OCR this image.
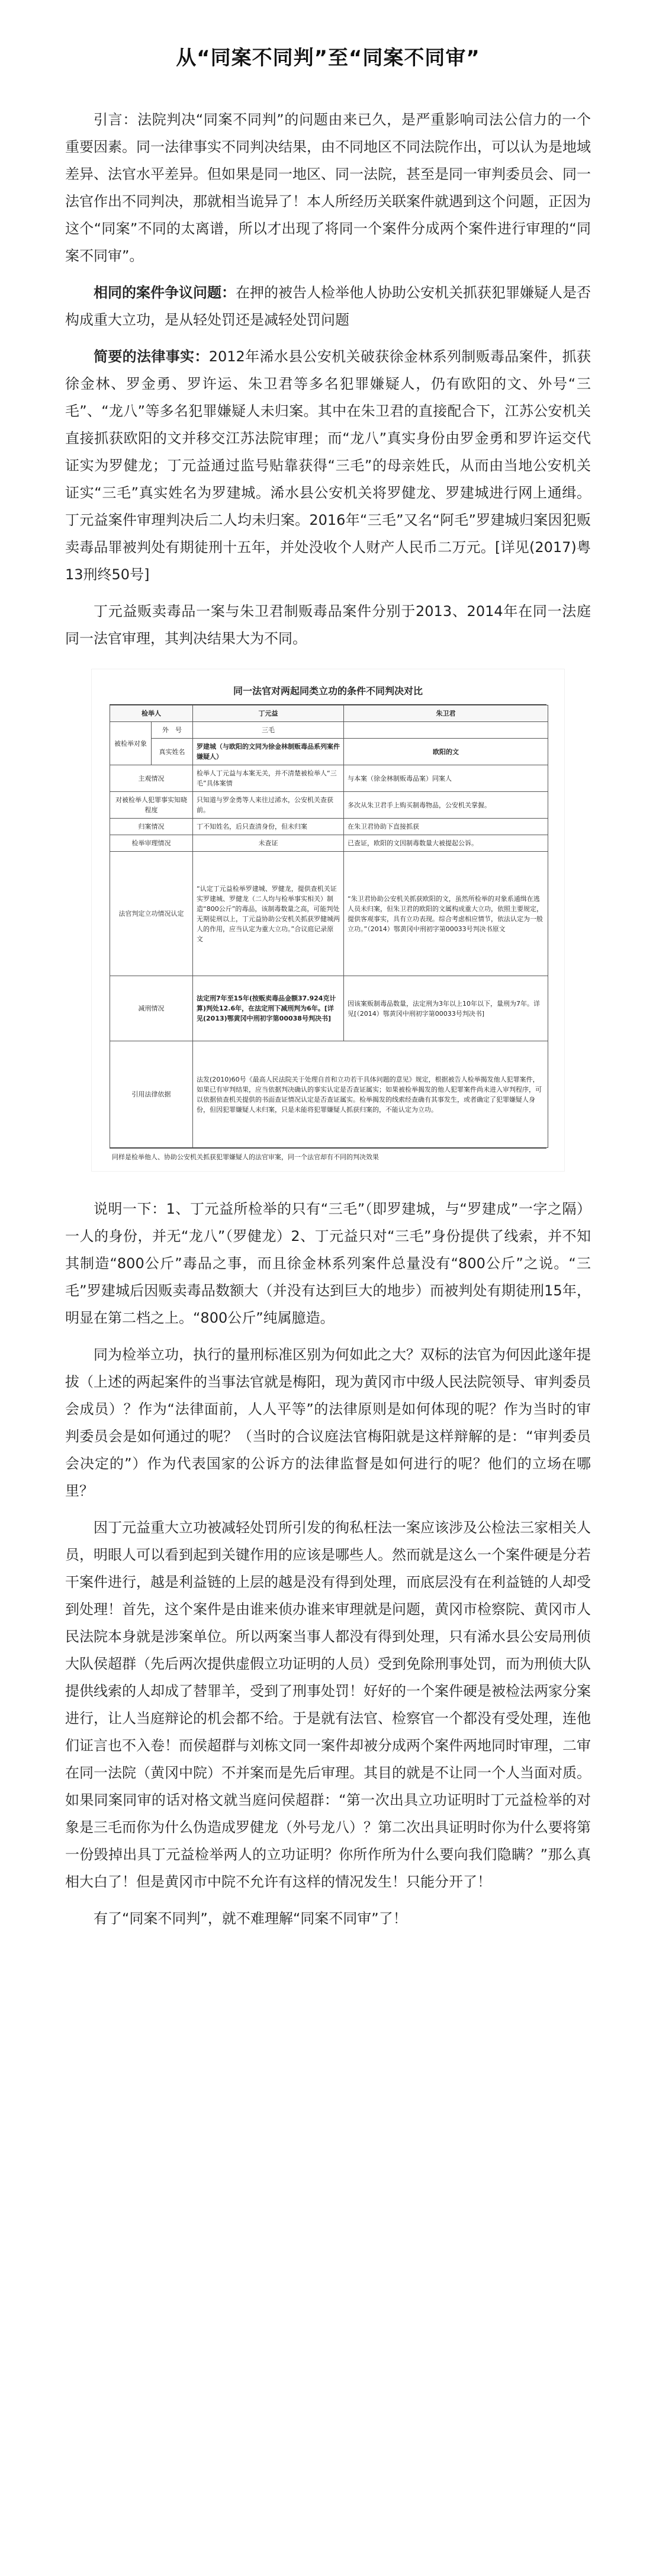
从“同案不同判”至“同案不同审”

引言：法院判决“同案不同判”的问题由来已久，是严重影响司法公信力的一个重要因素。同一法律事实不同判决结果，由不同地区不同法院作出，可以认为是地域差异、法官水平差异。但如果是同一地区、同一法院，甚至是同一审判委员会、同一法官作出不同判决，那就相当诡异了！本人所经历关联案件就遇到这个问题，正因为这个“同案”不同的太离谱，所以才出现了将同一个案件分成两个案件进行审理的“同案不同审”。

相同的案件争议问题：在押的被告人检举他人协助公安机关抓获犯罪嫌疑人是否构成重大立功，是从轻处罚还是减轻处罚问题

简要的法律事实：2012年浠水县公安机关破获徐金林系列制贩毒品案件，抓获徐金林、罗金勇、罗许运、朱卫君等多名犯罪嫌疑人，仍有欧阳的文、外号“三毛”、“龙八”等多名犯罪嫌疑人未归案。其中在朱卫君的直接配合下，江苏公安机关直接抓获欧阳的文并移交江苏法院审理；而“龙八”真实身份由罗金勇和罗许运交代证实为罗健龙；丁元益通过监号贴靠获得“三毛”的母亲姓氏，从而由当地公安机关证实“三毛”真实姓名为罗建城。浠水县公安机关将罗健龙、罗建城进行网上通缉。丁元益案件审理判决后二人均未归案。2016年“三毛”又名“阿毛”罗建城归案因犯贩卖毒品罪被判处有期徒刑十五年，并处没收个人财产人民币二万元。[详见(2017)粤13刑终50号]

丁元益贩卖毒品一案与朱卫君制贩毒品案件分别于2013、2014年在同一法庭同一法官审理，其判决结果大为不同。

同一法官对两起同类立功的条件不同判决对比
检举人		丁元益	朱卫君
被检举对象	外　号	三毛	
	真实姓名	罗建城（与欧阳的文同为徐金林制贩毒品系列案件嫌疑人）	欧阳的文
主观情况		检举人丁元益与本案无关，并不清楚被检举人“三毛”具体案情	与本案（徐金林制贩毒品案）同案人
对被检举人犯罪事实知晓程度		只知道与罗金勇等人来往过浠水，公安机关查获前。	多次从朱卫君手上购买制毒物品，公安机关掌握。
归案情况		丁不知姓名，后只查清身份，但未归案	在朱卫君协助下直接抓获
检举审理情况		未查证	已查证，欧阳的文因制毒数量大被提起公诉。
法官判定立功情况认定		“认定丁元益检举罗建城、罗健龙，提供查机关证实罗建城、罗健龙（二人均与检举事实相关）制造“800公斤”的毒品，该制毒数量之高，可能判处无期徒刑以上，丁元益协助公安机关抓获罗健城两人的作用，应当认定为重大立功。”合议庭记录原文	“朱卫君协助公安机关抓获欧阳的文，虽然所检举的对象系通缉在逃人员未归案，但朱卫君的欧阳的文属构成重大立功，依照主要规定，提供客观事实，具有立功表现。综合考虑相应情节，依法认定为一般立功。”（2014）鄂黄冈中刑初字第00033号判决书原文
减刑情况		法定刑7年至15年(按贩卖毒品金额37.924克计算)判处12.6年，在法定刑下减刑判为6年。[详见(2013)鄂黄冈中刑初字第00038号判决书]	因该案贩制毒品数量，法定刑为3年以上10年以下，量刑为7年。详见[（2014）鄂黄冈中刑初字第00033号判决书]
引用法律依据		法发(2010)60号《最高人民法院关于处理自首和立功若干具体问题的意见》规定，根据被告人检举揭发他人犯罪案件，如果已有审判结果，应当依据判决确认的事实认定是否查证属实；如果被检举揭发的他人犯罪案件尚未进入审判程序，可以依据侦查机关提供的书面查证情况认定是否查证属实。检举揭发的线索经查确有其事发生，或者确定了犯罪嫌疑人身份，但因犯罪嫌疑人未归案，只是未能将犯罪嫌疑人抓获归案的，不能认定为立功。	
同样是检举他人、协助公安机关抓获犯罪嫌疑人的法官审案，同一个法官却有不同的判决效果

说明一下：1、丁元益所检举的只有“三毛”（即罗建城，与“罗建成”一字之隔）一人的身份，并无“龙八”（罗健龙）2、丁元益只对“三毛”身份提供了线索，并不知其制造“800公斤”毒品之事，而且徐金林系列案件总量没有“800公斤”之说。“三毛”罗建城后因贩卖毒品数额大（并没有达到巨大的地步）而被判处有期徒刑15年，明显在第二档之上。“800公斤”纯属臆造。

同为检举立功，执行的量刑标准区别为何如此之大？双标的法官为何因此遂年提拔（上述的两起案件的当事法官就是梅阳，现为黄冈市中级人民法院领导、审判委员会成员）？作为“法律面前，人人平等”的法律原则是如何体现的呢？作为当时的审判委员会是如何通过的呢？（当时的合议庭法官梅阳就是这样辩解的是：“审判委员会决定的”）作为代表国家的公诉方的法律监督是如何进行的呢？他们的立场在哪里？

因丁元益重大立功被减轻处罚所引发的徇私枉法一案应该涉及公检法三家相关人员，明眼人可以看到起到关键作用的应该是哪些人。然而就是这么一个案件硬是分若干案件进行，越是利益链的上层的越是没有得到处理，而底层没有在利益链的人却受到处理！首先，这个案件是由谁来侦办谁来审理就是问题，黄冈市检察院、黄冈市人民法院本身就是涉案单位。所以两案当事人都没有得到处理，只有浠水县公安局刑侦大队侯超群（先后两次提供虚假立功证明的人员）受到免除刑事处罚，而为刑侦大队提供线索的人却成了替罪羊，受到了刑事处罚！好好的一个案件硬是被检法两家分案进行，让人当庭辩论的机会都不给。于是就有法官、检察官一个都没有受处理，连他们证言也不入卷！而侯超群与刘栋文同一案件却被分成两个案件两地同时审理，二审在同一法院（黄冈中院）不并案而是先后审理。其目的就是不让同一个人当面对质。如果同案同审的话对格文就当庭问侯超群：“第一次出具立功证明时丁元益检举的对象是三毛而你为什么伪造成罗健龙（外号龙八）？第二次出具证明时你为什么要将第一份毁掉出具丁元益检举两人的立功证明？你所作所为什么要向我们隐瞒？”那么真相大白了！但是黄冈市中院不允许有这样的情况发生！只能分开了！

有了“同案不同判”，就不难理解“同案不同审”了！
